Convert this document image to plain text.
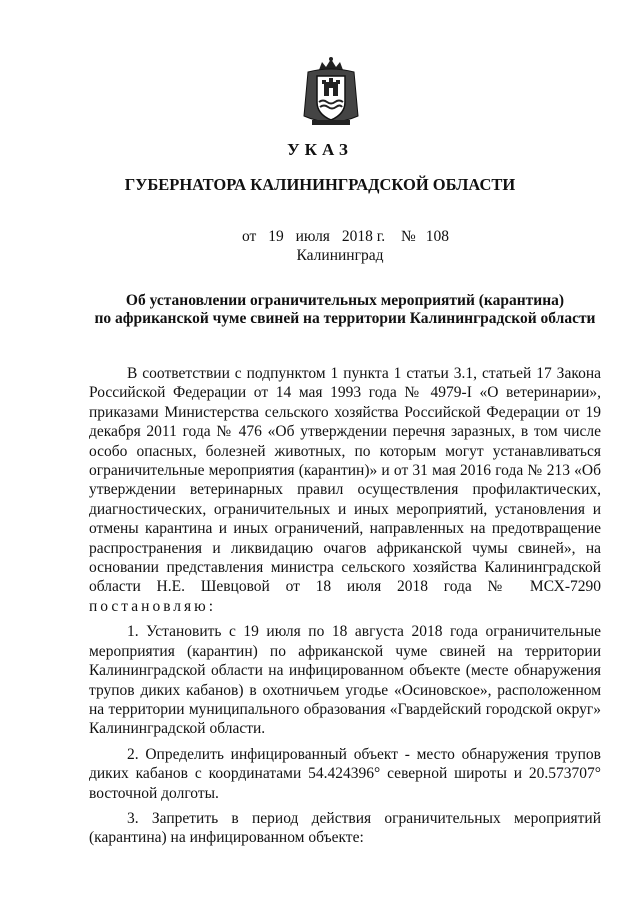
УКАЗ
ГУБЕРНАТОРА КАЛИНИНГРАДСКОЙ ОБЛАСТИ
от 19 июля 2018 г. № 108
Калининград
Об установлении ограничительных мероприятий (карантина)
по африканской чуме свиней на территории Калининградской области

В соответствии с подпунктом 1 пункта 1 статьи 3.1, статьей 17 Закона Российской Федерации от 14 мая 1993 года № 4979-I «О ветеринарии», приказами Министерства сельского хозяйства Российской Федерации от 19 декабря 2011 года № 476 «Об утверждении перечня заразных, в том числе особо опасных, болезней животных, по которым могут устанавливаться ограничительные мероприятия (карантин)» и от 31 мая 2016 года № 213 «Об утверждении ветеринарных правил осуществления профилактических, диагностических, ограничительных и иных мероприятий, установления и отмены карантина и иных ограничений, направленных на предотвращение распространения и ликвидацию очагов африканской чумы свиней», на основании представления министра сельского хозяйства Калининградской области Н.Е. Шевцовой от 18 июля 2018 года № МСХ-7290 постановляю:

1. Установить с 19 июля по 18 августа 2018 года ограничительные мероприятия (карантин) по африканской чуме свиней на территории Калининградской области на инфицированном объекте (месте обнаружения трупов диких кабанов) в охотничьем угодье «Осиновское», расположенном на территории муниципального образования «Гвардейский городской округ» Калининградской области.

2. Определить инфицированный объект - место обнаружения трупов диких кабанов с координатами 54.424396° северной широты и 20.573707° восточной долготы.

3. Запретить в период действия ограничительных мероприятий (карантина) на инфицированном объекте:
